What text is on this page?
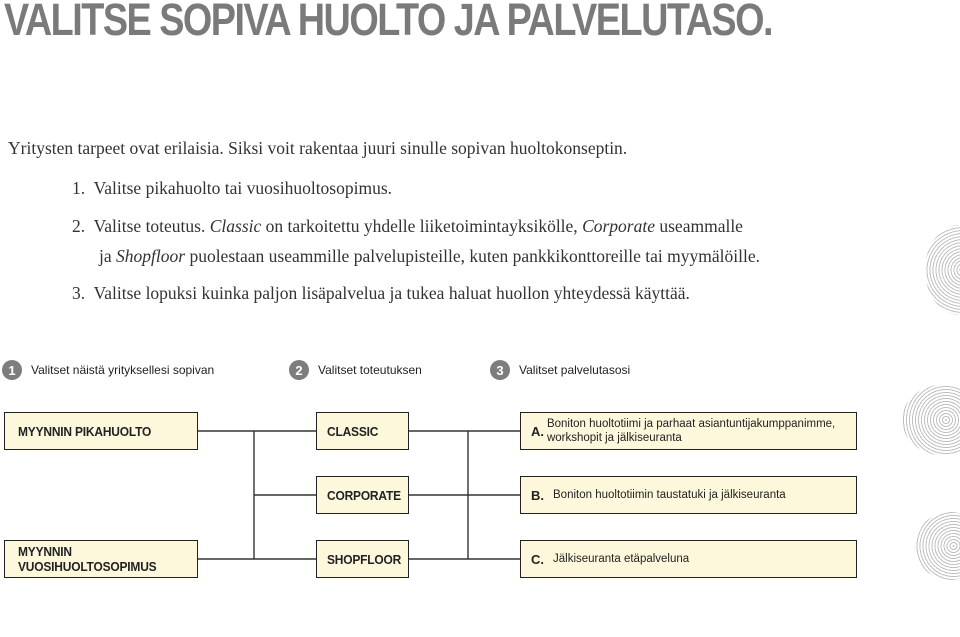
VALITSE SOPIVA HUOLTO JA PALVELUTASO.
Yritysten tarpeet ovat erilaisia. Siksi voit rakentaa juuri sinulle sopivan huoltokonseptin.
1. Valitse pikahuolto tai vuosihuoltosopimus.
2. Valitse toteutus. Classic on tarkoitettu yhdelle liiketoimintayksikölle, Corporate useammalle
ja Shopfloor puolestaan useammille palvelupisteille, kuten pankkikonttoreille tai myymälöille.
3. Valitse lopuksi kuinka paljon lisäpalvelua ja tukea haluat huollon yhteydessä käyttää.
1	Valitset näistä yrityksellesi sopivan	2	Valitset toteutuksen	3	Valitset palvelutasosi
MYYNNIN PIKAHUOLTO
MYYNNIN VUOSIHUOLTOSOPIMUS
CLASSIC
CORPORATE
SHOPFLOOR
A. Boniton huoltotiimi ja parhaat asiantuntijakumppanimme, workshopit ja jälkiseuranta
B. Boniton huoltotiimin taustatuki ja jälkiseuranta
C. Jälkiseuranta etäpalveluna
